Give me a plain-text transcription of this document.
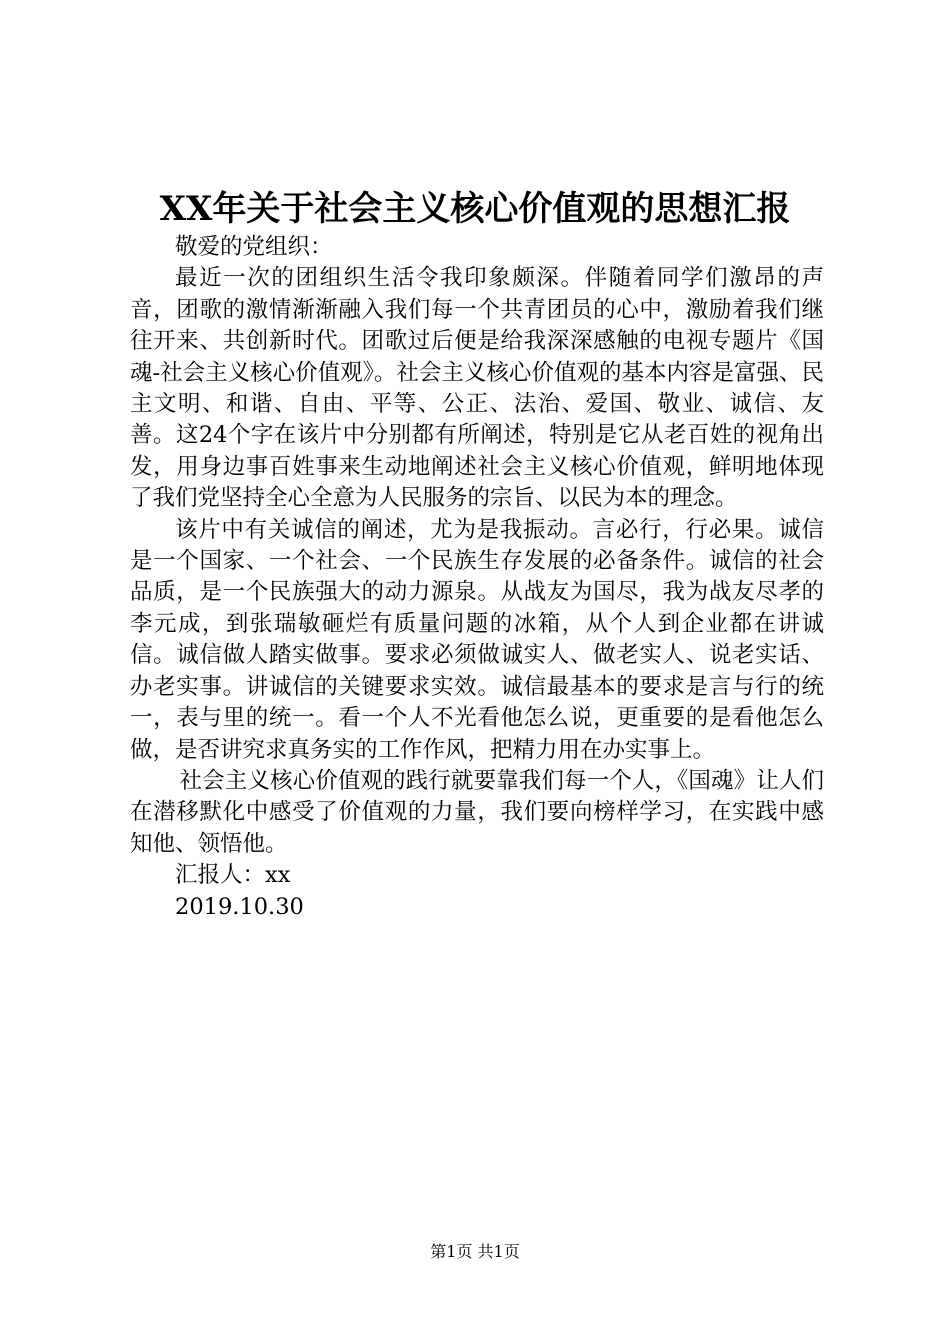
XX年关于社会主义核心价值观的思想汇报

敬爱的党组织：

最近一次的团组织生活令我印象颇深。伴随着同学们激昂的声音，团歌的激情渐渐融入我们每一个共青团员的心中，激励着我们继往开来、共创新时代。团歌过后便是给我深深感触的电视专题片《国魂-社会主义核心价值观》。社会主义核心价值观的基本内容是富强、民主文明、和谐、自由、平等、公正、法治、爱国、敬业、诚信、友善。这24个字在该片中分别都有所阐述，特别是它从老百姓的视角出发，用身边事百姓事来生动地阐述社会主义核心价值观，鲜明地体现了我们党坚持全心全意为人民服务的宗旨、以民为本的理念。

该片中有关诚信的阐述，尤为是我振动。言必行，行必果。诚信是一个国家、一个社会、一个民族生存发展的必备条件。诚信的社会品质，是一个民族强大的动力源泉。从战友为国尽，我为战友尽孝的李元成，到张瑞敏砸烂有质量问题的冰箱，从个人到企业都在讲诚信。诚信做人踏实做事。要求必须做诚实人、做老实人、说老实话、办老实事。讲诚信的关键要求实效。诚信最基本的要求是言与行的统一，表与里的统一。看一个人不光看他怎么说，更重要的是看他怎么做，是否讲究求真务实的工作作风，把精力用在办实事上。

社会主义核心价值观的践行就要靠我们每一个人，《国魂》让人们在潜移默化中感受了价值观的力量，我们要向榜样学习，在实践中感知他、领悟他。

汇报人：xx

2019.10.30

第1页 共1页
